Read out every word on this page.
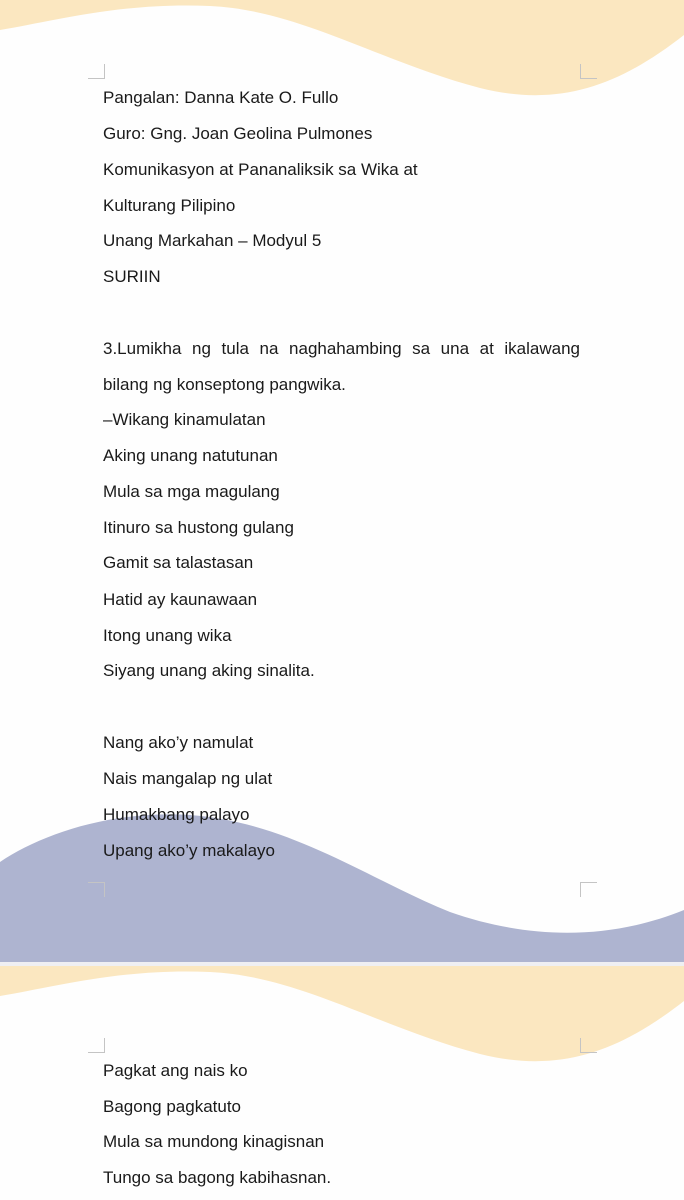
Pangalan: Danna Kate O. Fullo
Guro: Gng. Joan Geolina Pulmones
Komunikasyon at Pananaliksik sa Wika at
Kulturang Pilipino
Unang Markahan – Modyul 5
SURIIN
3.Lumikha ng tula na naghahambing sa una at ikalawang
bilang ng konseptong pangwika.
–Wikang kinamulatan
Aking unang natutunan
Mula sa mga magulang
Itinuro sa hustong gulang
Gamit sa talastasan
Hatid ay kaunawaan
Itong unang wika
Siyang unang aking sinalita.
Nang ako’y namulat
Nais mangalap ng ulat
Humakbang palayo
Upang ako’y makalayo
Pagkat ang nais ko
Bagong pagkatuto
Mula sa mundong kinagisnan
Tungo sa bagong kabihasnan.
